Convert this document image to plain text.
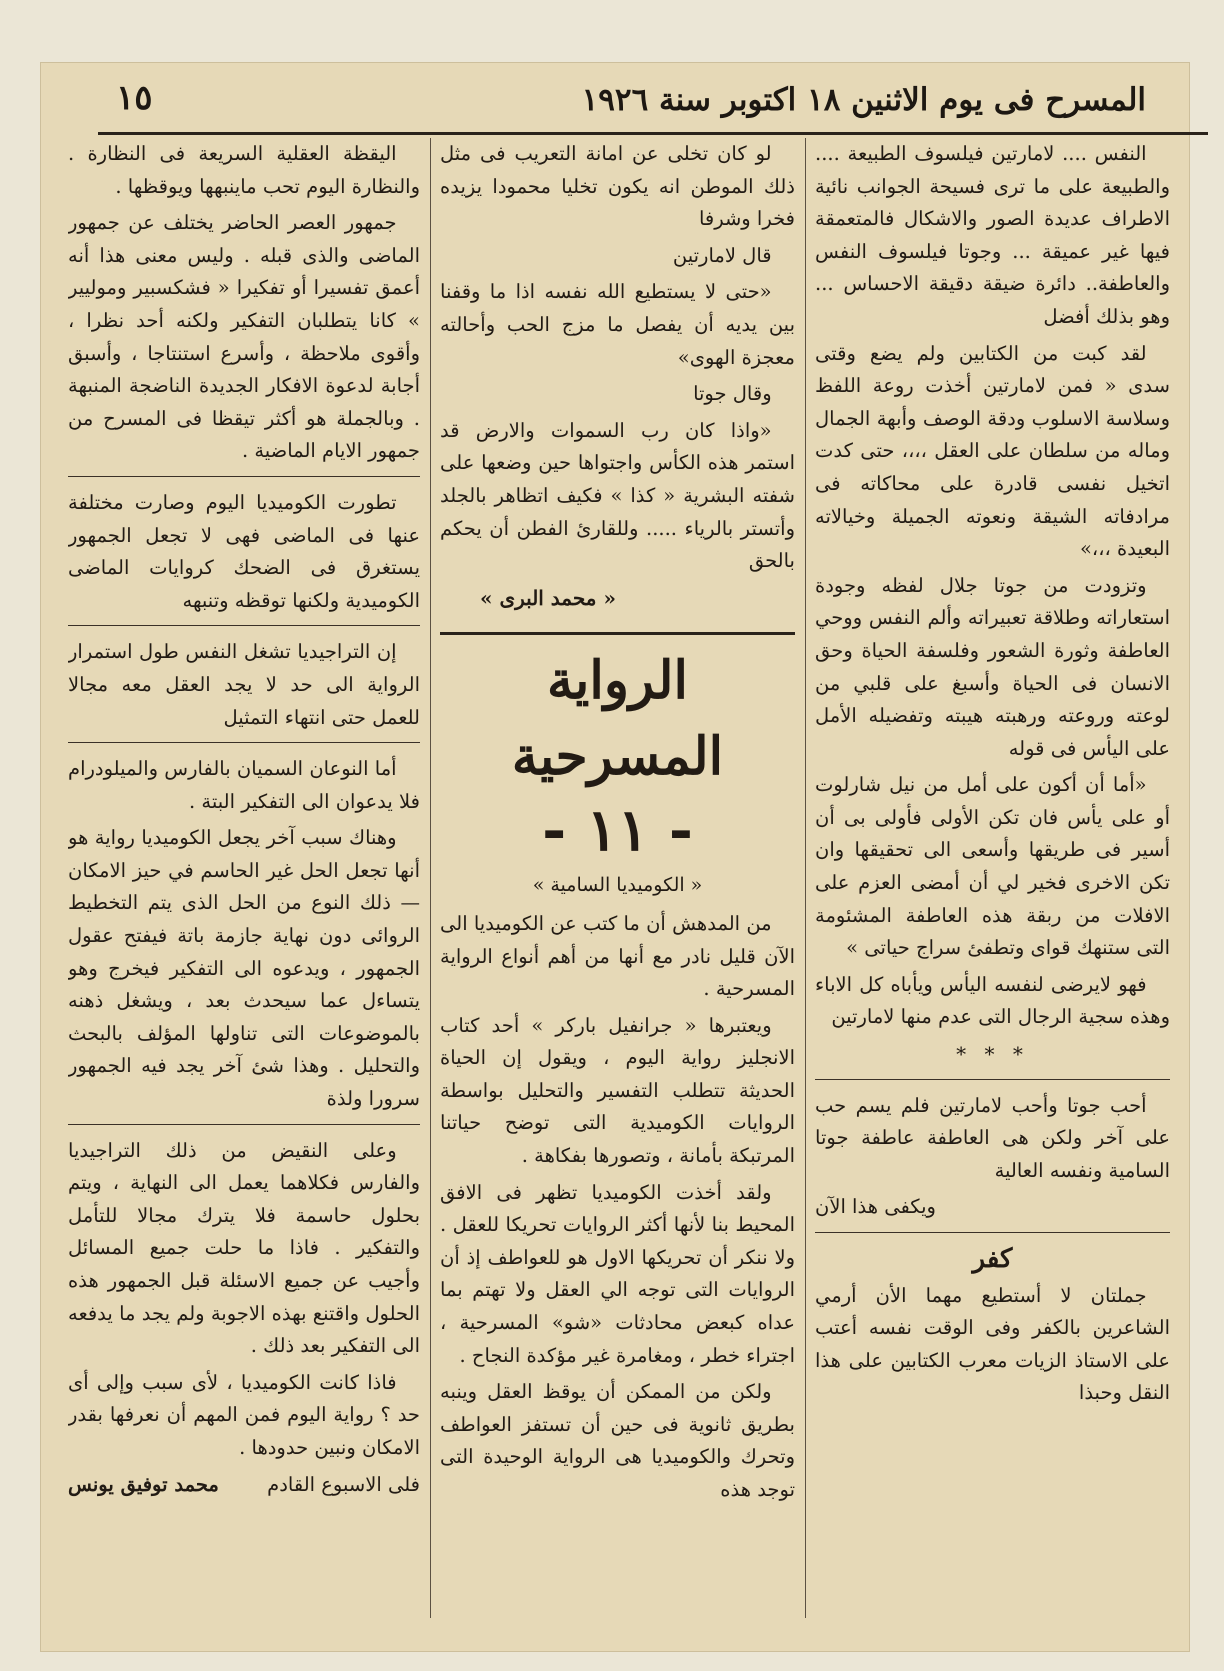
المسرح فى يوم الاثنين ١٨ اكتوبر سنة ١٩٢٦
١٥

النفس .... لامارتين فيلسوف الطبيعة .... والطبيعة على ما ترى فسيحة الجوانب نائية الاطراف عديدة الصور والاشكال فالمتعمقة فيها غير عميقة ... وجوتا فيلسوف النفس والعاطفة.. دائرة ضيقة دقيقة الاحساس ... وهو بذلك أفضل

لقد كبت من الكتابين ولم يضع وقتى سدى « فمن لامارتين أخذت روعة اللفظ وسلاسة الاسلوب ودقة الوصف وأبهة الجمال وماله من سلطان على العقل ،،،، حتى كدت اتخيل نفسى قادرة على محاكاته فى مرادفاته الشيقة ونعوته الجميلة وخيالاته البعيدة ،،،»

وتزودت من جوتا جلال لفظه وجودة استعاراته وطلاقة تعبيراته وألم النفس ووحي العاطفة وثورة الشعور وفلسفة الحياة وحق الانسان فى الحياة وأسبغ على قلبي من لوعته وروعته ورهبته هيبته وتفضيله الأمل على اليأس فى قوله

«أما أن أكون على أمل من نيل شارلوت أو على يأس فان تكن الأولى فأولى بى أن أسير فى طريقها وأسعى الى تحقيقها وان تكن الاخرى فخير لي أن أمضى العزم على الافلات من ربقة هذه العاطفة المشئومة التى ستنهك قواى وتطفئ سراج حياتى »

فهو لايرضى لنفسه اليأس ويأباه كل الاباء وهذه سجية الرجال التى عدم منها لامارتين

* * *

أحب جوتا وأحب لامارتين فلم يسم حب على آخر ولكن هى العاطفة عاطفة جوتا السامية ونفسه العالية

ويكفى هذا الآن

كفر

جملتان لا أستطيع مهما الأن أرمي الشاعرين بالكفر وفى الوقت نفسه أعتب على الاستاذ الزيات معرب الكتابين على هذا النقل وحبذا

لو كان تخلى عن امانة التعريب فى مثل ذلك الموطن انه يكون تخليا محمودا يزيده فخرا وشرفا

قال لامارتين

«حتى لا يستطيع الله نفسه اذا ما وقفنا بين يديه أن يفصل ما مزج الحب وأحالته معجزة الهوى»

وقال جوتا

«واذا كان رب السموات والارض قد استمر هذه الكأس واجتواها حين وضعها على شفته البشرية « كذا » فكيف اتظاهر بالجلد وأتستر بالرياء ..... وللقارئ الفطن أن يحكم بالحق

« محمد البرى »

الرواية المسرحية

- ١١ -

« الكوميديا السامية »

من المدهش أن ما كتب عن الكوميديا الى الآن قليل نادر مع أنها من أهم أنواع الرواية المسرحية .

ويعتبرها « جرانفيل باركر » أحد كتاب الانجليز رواية اليوم ، ويقول إن الحياة الحديثة تتطلب التفسير والتحليل بواسطة الروايات الكوميدية التى توضح حياتنا المرتبكة بأمانة ، وتصورها بفكاهة .

ولقد أخذت الكوميديا تظهر فى الافق المحيط بنا لأنها أكثر الروايات تحريكا للعقل . ولا ننكر أن تحريكها الاول هو للعواطف إذ أن الروايات التى توجه الي العقل ولا تهتم بما عداه كبعض محادثات «شو» المسرحية ، اجتراء خطر ، ومغامرة غير مؤكدة النجاح .

ولكن من الممكن أن يوقظ العقل وينبه بطريق ثانوية فى حين أن تستفز العواطف وتحرك والكوميديا هى الرواية الوحيدة التى توجد هذه

اليقظة العقلية السريعة فى النظارة . والنظارة اليوم تحب ماينبهها ويوقظها .

جمهور العصر الحاضر يختلف عن جمهور الماضى والذى قبله . وليس معنى هذا أنه أعمق تفسيرا أو تفكيرا « فشكسبير وموليير » كانا يتطلبان التفكير ولكنه أحد نظرا ، وأقوى ملاحظة ، وأسرع استنتاجا ، وأسبق أجابة لدعوة الافكار الجديدة الناضجة المنبهة . وبالجملة هو أكثر تيقظا فى المسرح من جمهور الايام الماضية .

تطورت الكوميديا اليوم وصارت مختلفة عنها فى الماضى فهى لا تجعل الجمهور يستغرق فى الضحك كروايات الماضى الكوميدية ولكنها توقظه وتنبهه

إن التراجيديا تشغل النفس طول استمرار الرواية الى حد لا يجد العقل معه مجالا للعمل حتى انتهاء التمثيل

أما النوعان السميان بالفارس والميلودرام فلا يدعوان الى التفكير البتة .

وهناك سبب آخر يجعل الكوميديا رواية هو أنها تجعل الحل غير الحاسم في حيز الامكان — ذلك النوع من الحل الذى يتم التخطيط الروائى دون نهاية جازمة باتة فيفتح عقول الجمهور ، ويدعوه الى التفكير فيخرج وهو يتساءل عما سيحدث بعد ، ويشغل ذهنه بالموضوعات التى تناولها المؤلف بالبحث والتحليل . وهذا شئ آخر يجد فيه الجمهور سرورا ولذة

وعلى النقيض من ذلك التراجيديا والفارس فكلاهما يعمل الى النهاية ، ويتم بحلول حاسمة فلا يترك مجالا للتأمل والتفكير . فاذا ما حلت جميع المسائل وأجيب عن جميع الاسئلة قبل الجمهور هذه الحلول واقتنع بهذه الاجوبة ولم يجد ما يدفعه الى التفكير بعد ذلك .

فاذا كانت الكوميديا ، لأى سبب وإلى أى حد ؟ رواية اليوم فمن المهم أن نعرفها بقدر الامكان ونبين حدودها .

فلى الاسبوع القادم
محمد توفيق يونس
